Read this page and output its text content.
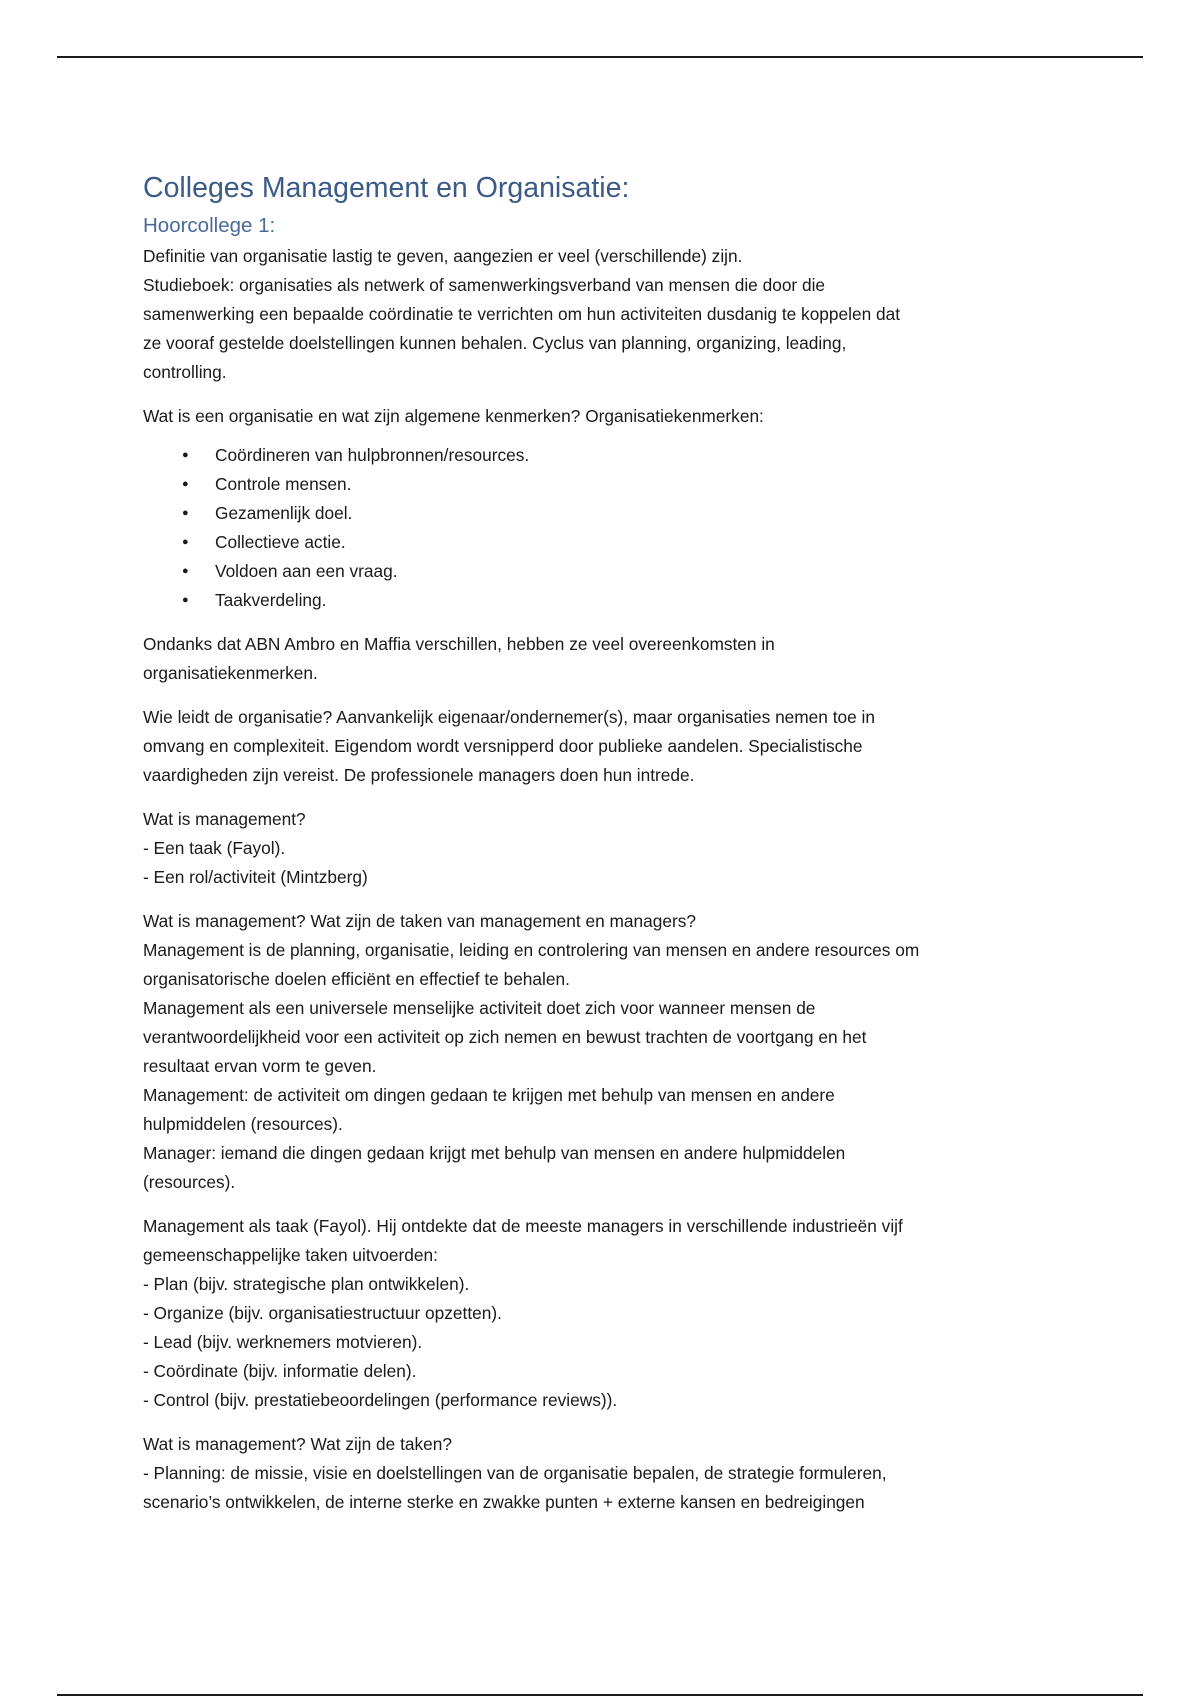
Colleges Management en Organisatie:
Hoorcollege 1:
Definitie van organisatie lastig te geven, aangezien er veel (verschillende) zijn.
Studieboek: organisaties als netwerk of samenwerkingsverband van mensen die door die
samenwerking een bepaalde coördinatie te verrichten om hun activiteiten dusdanig te koppelen dat
ze vooraf gestelde doelstellingen kunnen behalen. Cyclus van planning, organizing, leading,
controlling.
Wat is een organisatie en wat zijn algemene kenmerken? Organisatiekenmerken:
● Coördineren van hulpbronnen/resources.
● Controle mensen.
● Gezamenlijk doel.
● Collectieve actie.
● Voldoen aan een vraag.
● Taakverdeling.
Ondanks dat ABN Ambro en Maffia verschillen, hebben ze veel overeenkomsten in
organisatiekenmerken.
Wie leidt de organisatie? Aanvankelijk eigenaar/ondernemer(s), maar organisaties nemen toe in
omvang en complexiteit. Eigendom wordt versnipperd door publieke aandelen. Specialistische
vaardigheden zijn vereist. De professionele managers doen hun intrede.
Wat is management?
- Een taak (Fayol).
- Een rol/activiteit (Mintzberg)
Wat is management? Wat zijn de taken van management en managers?
Management is de planning, organisatie, leiding en controlering van mensen en andere resources om
organisatorische doelen efficiënt en effectief te behalen.
Management als een universele menselijke activiteit doet zich voor wanneer mensen de
verantwoordelijkheid voor een activiteit op zich nemen en bewust trachten de voortgang en het
resultaat ervan vorm te geven.
Management: de activiteit om dingen gedaan te krijgen met behulp van mensen en andere
hulpmiddelen (resources).
Manager: iemand die dingen gedaan krijgt met behulp van mensen en andere hulpmiddelen
(resources).
Management als taak (Fayol). Hij ontdekte dat de meeste managers in verschillende industrieën vijf
gemeenschappelijke taken uitvoerden:
- Plan (bijv. strategische plan ontwikkelen).
- Organize (bijv. organisatiestructuur opzetten).
- Lead (bijv. werknemers motvieren).
- Coördinate (bijv. informatie delen).
- Control (bijv. prestatiebeoordelingen (performance reviews)).
Wat is management? Wat zijn de taken?
- Planning: de missie, visie en doelstellingen van de organisatie bepalen, de strategie formuleren,
scenario’s ontwikkelen, de interne sterke en zwakke punten + externe kansen en bedreigingen
